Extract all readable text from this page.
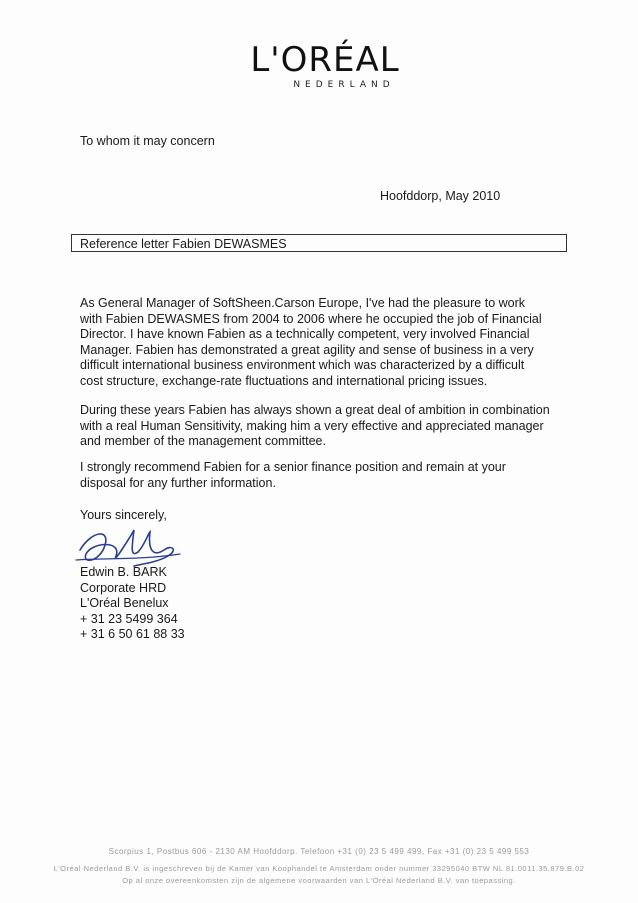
L'ORÉAL
NEDERLAND
To whom it may concern
Hoofddorp, May 2010
Reference letter Fabien DEWASMES
As General Manager of SoftSheen.Carson Europe, I've had the pleasure to work with Fabien DEWASMES from 2004 to 2006 where he occupied the job of Financial Director. I have known Fabien as a technically competent, very involved Financial Manager. Fabien has demonstrated a great agility and sense of business in a very difficult international business environment which was characterized by a difficult cost structure, exchange-rate fluctuations and international pricing issues.
During these years Fabien has always shown a great deal of ambition in combination with a real Human Sensitivity, making him a very effective and appreciated manager and member of the management committee.
I strongly recommend Fabien for a senior finance position and remain at your disposal for any further information.
Yours sincerely,
Edwin B. BARK
Corporate HRD
L'Oréal Benelux
+ 31 23 5499 364
+ 31 6 50 61 88 33
Scorpius 1, Postbus 606 - 2130 AM Hoofddorp. Telefoon +31 (0) 23 5 499 499, Fax +31 (0) 23 5 499 553
L'Oréal Nederland B.V. is ingeschreven bij de Kamer van Koophandel te Amsterdam onder nummer 33295040 BTW NL 81.0011.35.879.B.02
Op al onze overeenkomsten zijn de algemene voorwaarden van L'Oréal Nederland B.V. van toepassing.
